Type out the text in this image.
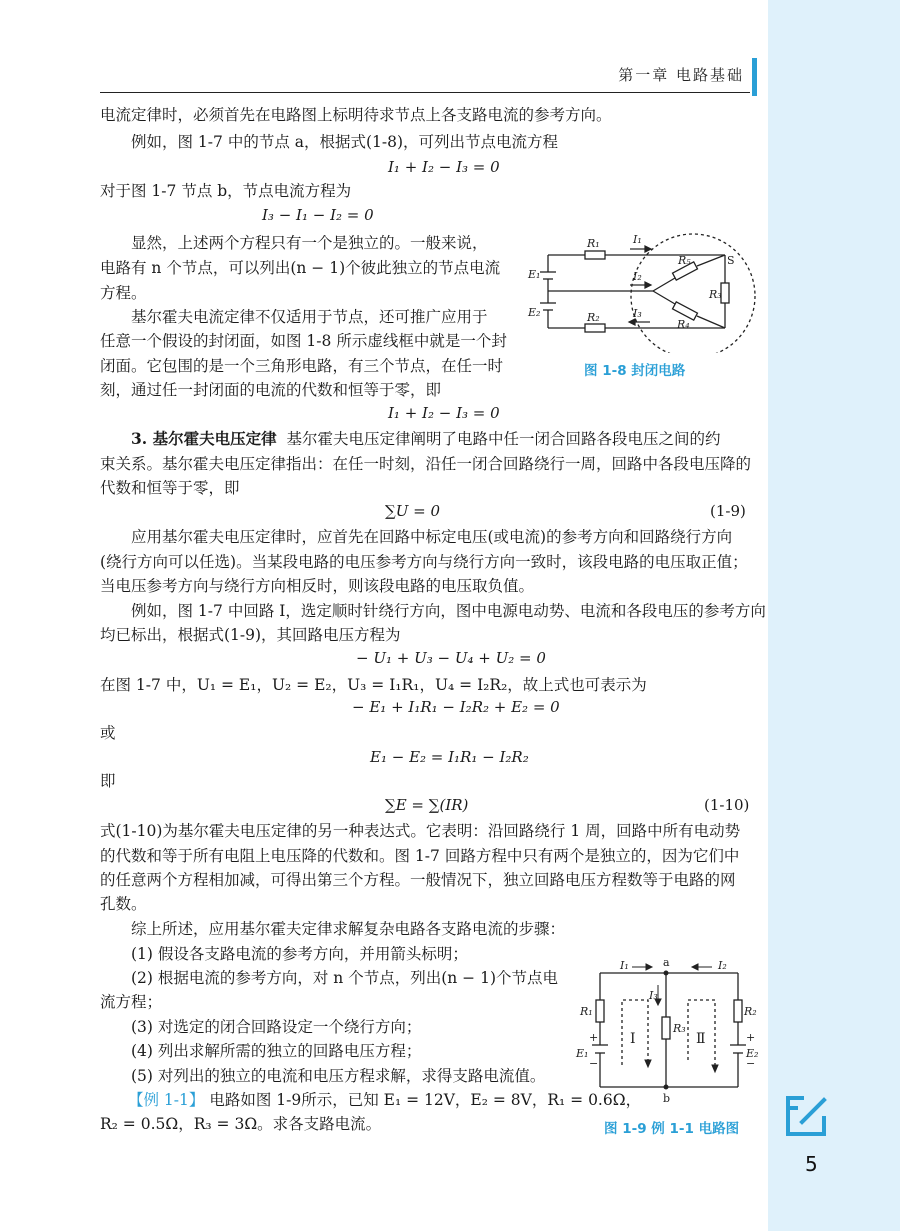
第一章 电路基础
电流定律时，必须首先在电路图上标明待求节点上各支路电流的参考方向。
例如，图 1-7 中的节点 a，根据式(1-8)，可列出节点电流方程
I₁ + I₂ − I₃ = 0
对于图 1-7 节点 b，节点电流方程为
I₃ − I₁ − I₂ = 0
显然，上述两个方程只有一个是独立的。一般来说，
电路有 n 个节点，可以列出(n − 1)个彼此独立的节点电流
方程。
基尔霍夫电流定律不仅适用于节点，还可推广应用于
任意一个假设的封闭面，如图 1-8 所示虚线框中就是一个封
闭面。它包围的是一个三角形电路，有三个节点，在任一时
刻，通过任一封闭面的电流的代数和恒等于零，即
I₁ + I₂ − I₃ = 0
3. 基尔霍夫电压定律 基尔霍夫电压定律阐明了电路中任一闭合回路各段电压之间的约
束关系。基尔霍夫电压定律指出：在任一时刻，沿任一闭合回路绕行一周，回路中各段电压降的
代数和恒等于零，即
∑U = 0	(1-9)
应用基尔霍夫电压定律时，应首先在回路中标定电压(或电流)的参考方向和回路绕行方向
(绕行方向可以任选)。当某段电路的电压参考方向与绕行方向一致时，该段电路的电压取正值；
当电压参考方向与绕行方向相反时，则该段电路的电压取负值。
例如，图 1-7 中回路 Ⅰ，选定顺时针绕行方向，图中电源电动势、电流和各段电压的参考方向
均已标出，根据式(1-9)，其回路电压方程为
− U₁ + U₃ − U₄ + U₂ = 0
在图 1-7 中，U₁ = E₁，U₂ = E₂，U₃ = I₁R₁，U₄ = I₂R₂，故上式也可表示为
− E₁ + I₁R₁ − I₂R₂ + E₂ = 0
或
E₁ − E₂ = I₁R₁ − I₂R₂
即
∑E = ∑(IR)	(1-10)
式(1-10)为基尔霍夫电压定律的另一种表达式。它表明：沿回路绕行 1 周，回路中所有电动势
的代数和等于所有电阻上电压降的代数和。图 1-7 回路方程中只有两个是独立的，因为它们中
的任意两个方程相加减，可得出第三个方程。一般情况下，独立回路电压方程数等于电路的网
孔数。
综上所述，应用基尔霍夫定律求解复杂电路各支路电流的步骤：
(1) 假设各支路电流的参考方向，并用箭头标明；
(2) 根据电流的参考方向，对 n 个节点，列出(n − 1)个节点电
流方程；
(3) 对选定的闭合回路设定一个绕行方向；
(4) 列出求解所需的独立的回路电压方程；
(5) 对列出的独立的电流和电压方程求解，求得支路电流值。
【例 1-1】 电路如图 1-9所示，已知 E₁ = 12V，E₂ = 8V，R₁ = 0.6Ω，
R₂ = 0.5Ω，R₃ = 3Ω。求各支路电流。
R₁
R₂
R₃
R₄
R₅
I₁
I₂
I₃
E₁
E₂
S
图 1-8 封闭电路
I₁	I₂
I₃
R₁	R₂
R₃
E₁	E₂
a
b
Ⅰ	Ⅱ
+
−
+
−
图 1-9 例 1-1 电路图
5
